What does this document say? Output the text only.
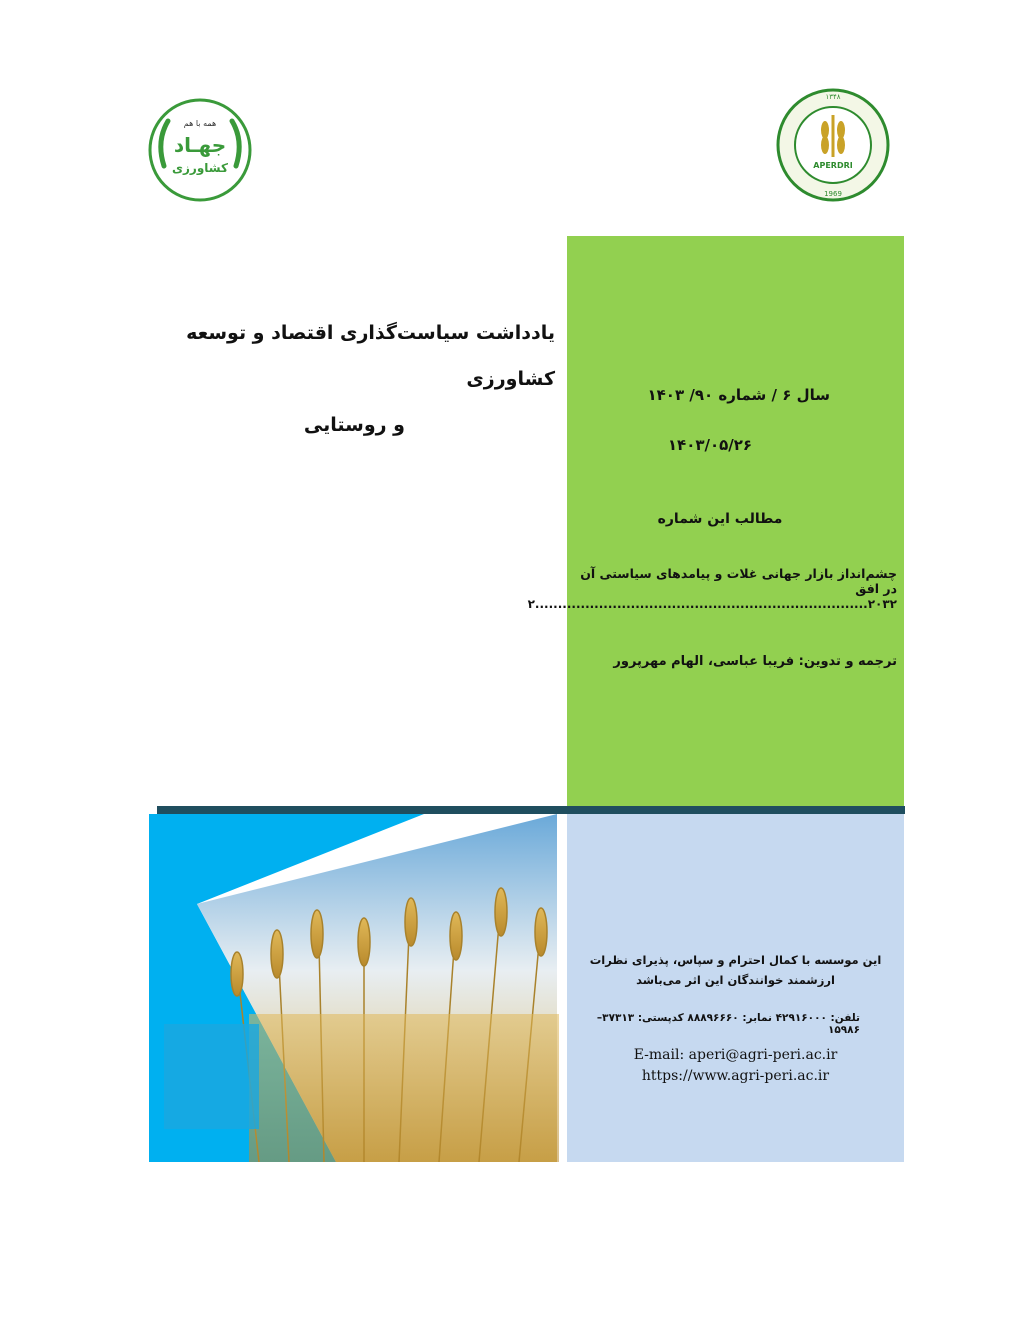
همه با هم
جهـاد
کشاورزی	APERDRI
۱۳۴۸
1969
یادداشت سیاست‌گذاری اقتصاد و توسعه کشاورزی
و روستایی
سال ۶ / شماره ۹۰/ ۱۴۰۳
۱۴۰۳/۰۵/۲۶
مطالب این شماره
چشم‌انداز بازار جهانی غلات و پیامدهای سیاستی آن در افق
۲۰۳۲.........................................................................۲
ترجمه و تدوین: فریبا عباسی، الهام مهرپرور
این موسسه با کمال احترام و سپاس، پذیرای نظرات ارزشمند خوانندگان این اثر می‌باشد
تلفن: ۴۲۹۱۶۰۰۰ نمابر: ۸۸۸۹۶۶۶۰ کدپستی: ۳۷۳۱۳– ۱۵۹۸۶
E-mail: aperi@agri-peri.ac.ir
https://www.agri-peri.ac.ir
